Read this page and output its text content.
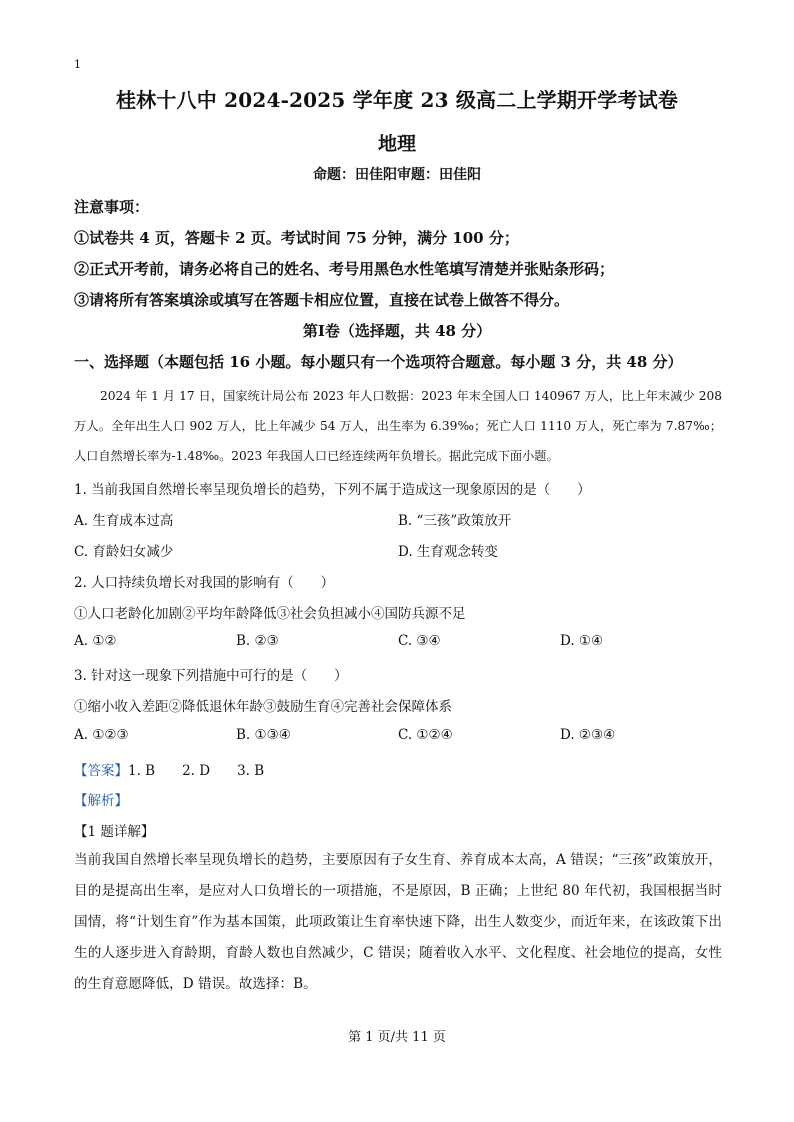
1
桂林十八中 2024-2025 学年度 23 级高二上学期开学考试卷
地理
命题：田佳阳审题：田佳阳
注意事项：
①试卷共 4 页，答题卡 2 页。考试时间 75 分钟，满分 100 分；
②正式开考前，请务必将自己的姓名、考号用黑色水性笔填写清楚并张贴条形码；
③请将所有答案填涂或填写在答题卡相应位置，直接在试卷上做答不得分。
第Ⅰ卷（选择题，共 48 分）
一、选择题（本题包括 16 小题。每小题只有一个选项符合题意。每小题 3 分，共 48 分）
2024 年 1 月 17 日，国家统计局公布 2023 年人口数据：2023 年末全国人口 140967 万人，比上年末减少 208 万人。全年出生人口 902 万人，比上年减少 54 万人，出生率为 6.39‰；死亡人口 1110 万人，死亡率为 7.87‰；人口自然增长率为-1.48‰。2023 年我国人口已经连续两年负增长。据此完成下面小题。
1. 当前我国自然增长率呈现负增长的趋势，下列不属于造成这一现象原因的是（　　）
A. 生育成本过高	B. “三孩”政策放开
C. 育龄妇女减少	D. 生育观念转变
2. 人口持续负增长对我国的影响有（　　）
①人口老龄化加剧②平均年龄降低③社会负担减小④国防兵源不足
A. ①②	B. ②③	C. ③④	D. ①④
3. 针对这一现象下列措施中可行的是（　　）
①缩小收入差距②降低退休年龄③鼓励生育④完善社会保障体系
A. ①②③	B. ①③④	C. ①②④	D. ②③④
【答案】1. B　　2. D　　3. B
【解析】
【1 题详解】
当前我国自然增长率呈现负增长的趋势，主要原因有子女生育、养育成本太高，A 错误；“三孩”政策放开，目的是提高出生率，是应对人口负增长的一项措施，不是原因，B 正确；上世纪 80 年代初，我国根据当时国情，将“计划生育”作为基本国策，此项政策让生育率快速下降，出生人数变少，而近年来，在该政策下出生的人逐步进入育龄期，育龄人数也自然减少，C 错误；随着收入水平、文化程度、社会地位的提高，女性的生育意愿降低，D 错误。故选择：B。
第 1 页/共 11 页
